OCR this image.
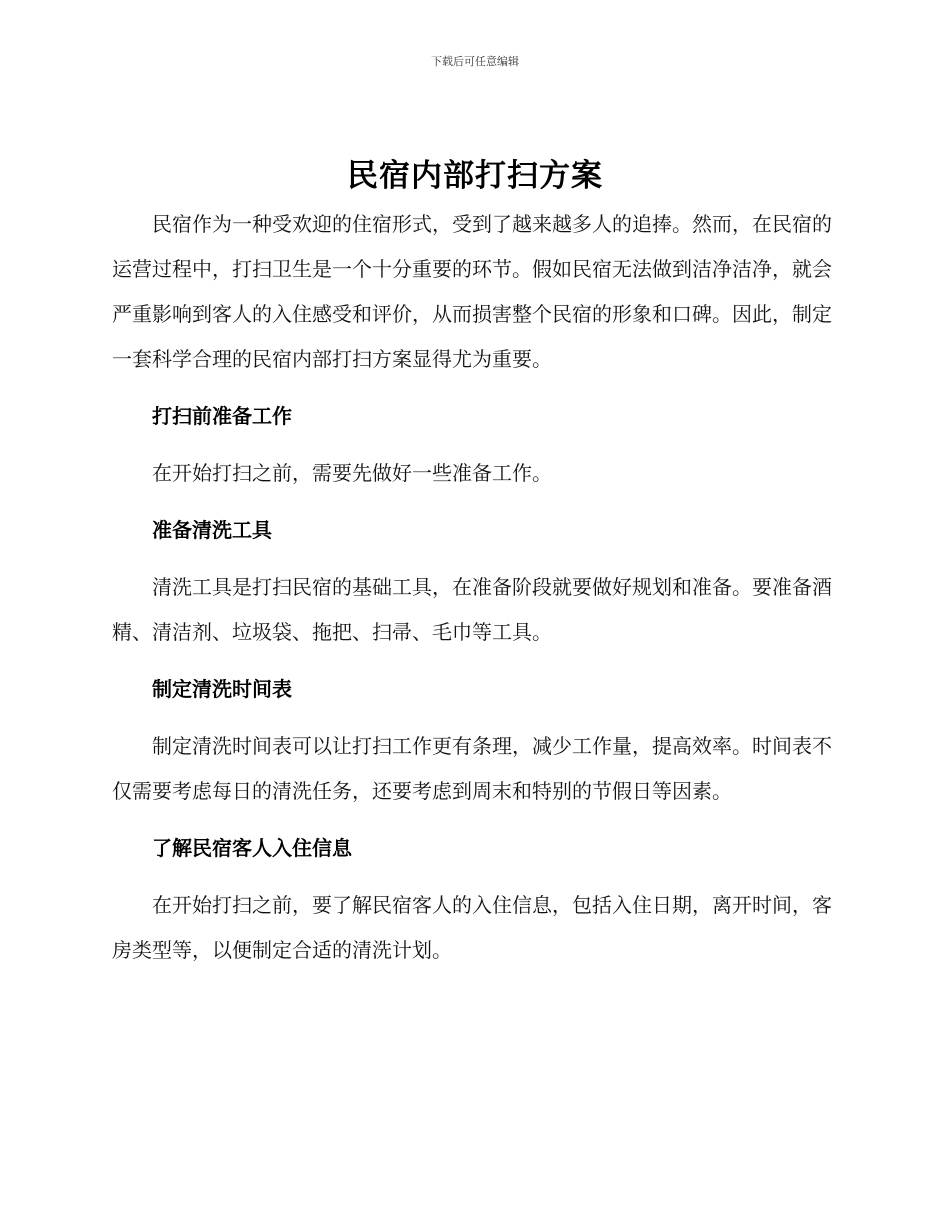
下载后可任意编辑
民宿内部打扫方案

民宿作为一种受欢迎的住宿形式，受到了越来越多人的追捧。然而，在民宿的运营过程中，打扫卫生是一个十分重要的环节。假如民宿无法做到洁净洁净，就会严重影响到客人的入住感受和评价，从而损害整个民宿的形象和口碑。因此，制定一套科学合理的民宿内部打扫方案显得尤为重要。

打扫前准备工作

在开始打扫之前，需要先做好一些准备工作。

准备清洗工具

清洗工具是打扫民宿的基础工具，在准备阶段就要做好规划和准备。要准备酒精、清洁剂、垃圾袋、拖把、扫帚、毛巾等工具。

制定清洗时间表

制定清洗时间表可以让打扫工作更有条理，减少工作量，提高效率。时间表不仅需要考虑每日的清洗任务，还要考虑到周末和特别的节假日等因素。

了解民宿客人入住信息

在开始打扫之前，要了解民宿客人的入住信息，包括入住日期，离开时间，客房类型等，以便制定合适的清洗计划。
